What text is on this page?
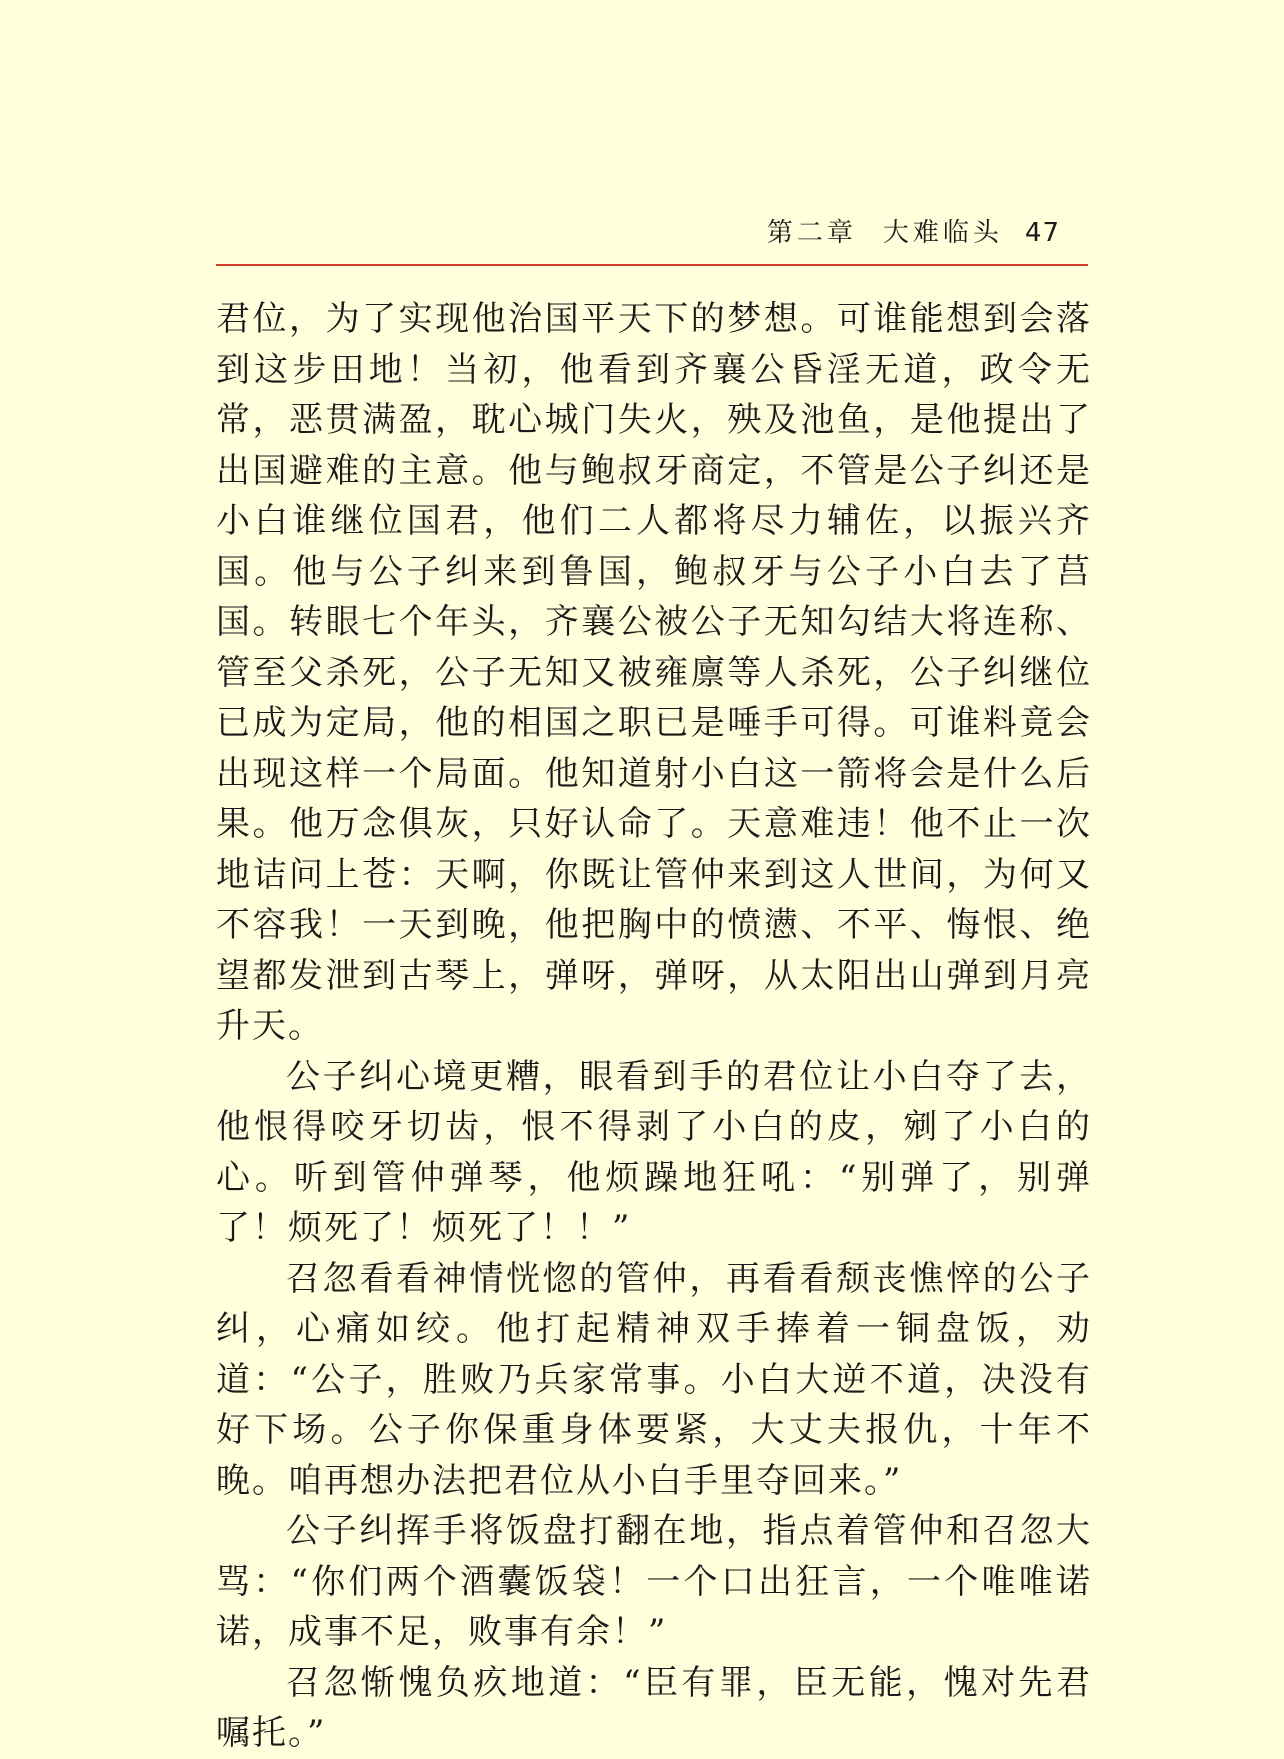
第二章 大难临头 47

君位，为了实现他治国平天下的梦想。可谁能想到会落到这步田地！当初，他看到齐襄公昏淫无道，政令无常，恶贯满盈，耽心城门失火，殃及池鱼，是他提出了出国避难的主意。他与鲍叔牙商定，不管是公子纠还是小白谁继位国君，他们二人都将尽力辅佐，以振兴齐国。他与公子纠来到鲁国，鲍叔牙与公子小白去了莒国。转眼七个年头，齐襄公被公子无知勾结大将连称、管至父杀死，公子无知又被雍廪等人杀死，公子纠继位已成为定局，他的相国之职已是唾手可得。可谁料竟会出现这样一个局面。他知道射小白这一箭将会是什么后果。他万念俱灰，只好认命了。天意难违！他不止一次地诘问上苍：天啊，你既让管仲来到这人世间，为何又不容我！一天到晚，他把胸中的愤懑、不平、悔恨、绝望都发泄到古琴上，弹呀，弹呀，从太阳出山弹到月亮升天。

公子纠心境更糟，眼看到手的君位让小白夺了去，他恨得咬牙切齿，恨不得剥了小白的皮，剜了小白的心。听到管仲弹琴，他烦躁地狂吼：“别弹了，别弹了！烦死了！烦死了！！”

召忽看看神情恍惚的管仲，再看看颓丧憔悴的公子纠，心痛如绞。他打起精神双手捧着一铜盘饭，劝道：“公子，胜败乃兵家常事。小白大逆不道，决没有好下场。公子你保重身体要紧，大丈夫报仇，十年不晚。咱再想办法把君位从小白手里夺回来。”

公子纠挥手将饭盘打翻在地，指点着管仲和召忽大骂：“你们两个酒囊饭袋！一个口出狂言，一个唯唯诺诺，成事不足，败事有余！”

召忽惭愧负疚地道：“臣有罪，臣无能，愧对先君嘱托。”
